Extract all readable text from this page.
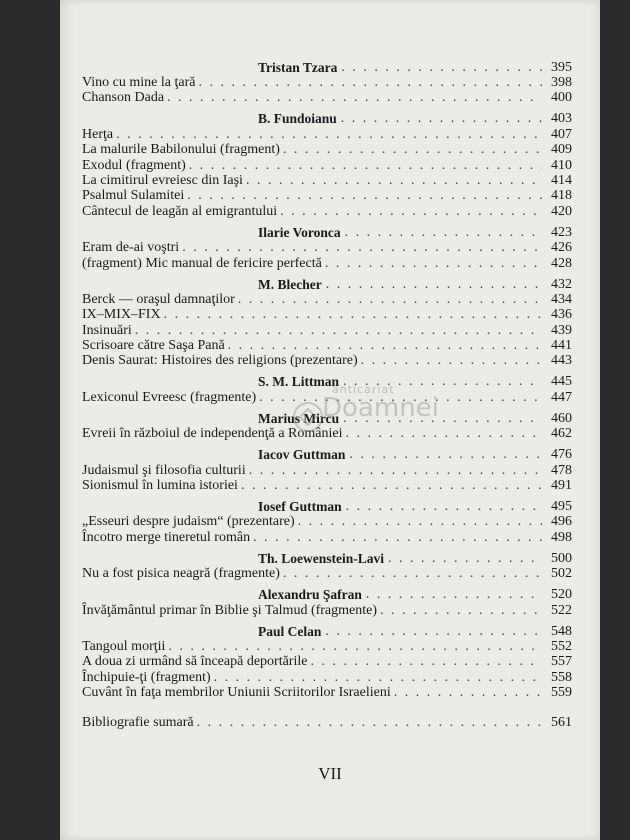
Tristan Tzara . . .	395
Vino cu mine la ţară . . .	398
Chanson Dada . . .	400
B. Fundoianu . . .	403
Herţa . . .	407
La malurile Babilonului (fragment) . . .	409
Exodul (fragment) . . .	410
La cimitirul evreiesc din Iaşi . . .	414
Psalmul Sulamitei . . .	418
Cântecul de leagăn al emigrantului . . .	420
Ilarie Voronca . . .	423
Eram de-ai voştri . . .	426
(fragment) Mic manual de fericire perfectă . . .	428
M. Blecher . . .	432
Berck — oraşul damnaţilor . . .	434
IX–MIX–FIX . . .	436
Insinuări . . .	439
Scrisoare către Saşa Pană . . .	441
Denis Saurat: Histoires des religions (prezentare) . . .	443
S. M. Littman . . .	445
Lexiconul Evreesc (fragmente) . . .	447
Marius Mircu . . .	460
Evreii în războiul de independenţă a României . . .	462
Iacov Guttman . . .	476
Judaismul şi filosofia culturii . . .	478
Sionismul în lumina istoriei . . .	491
Iosef Guttman . . .	495
„Esseuri despre judaism“ (prezentare) . . .	496
Încotro merge tineretul român . . .	498
Th. Loewenstein-Lavi . . .	500
Nu a fost pisica neagră (fragmente) . . .	502
Alexandru Şafran . . .	520
Învăţământul primar în Biblie şi Talmud (fragmente) . . .	522
Paul Celan . . .	548
Tangoul morţii . . .	552
A doua zi urmând să înceapă deportările . . .	557
Închipuie-ţi (fragment) . . .	558
Cuvânt în faţa membrilor Uniunii Scriitorilor Israelieni . . .	559
Bibliografie sumară . . .	561
anticariat
Doamnei
VII
